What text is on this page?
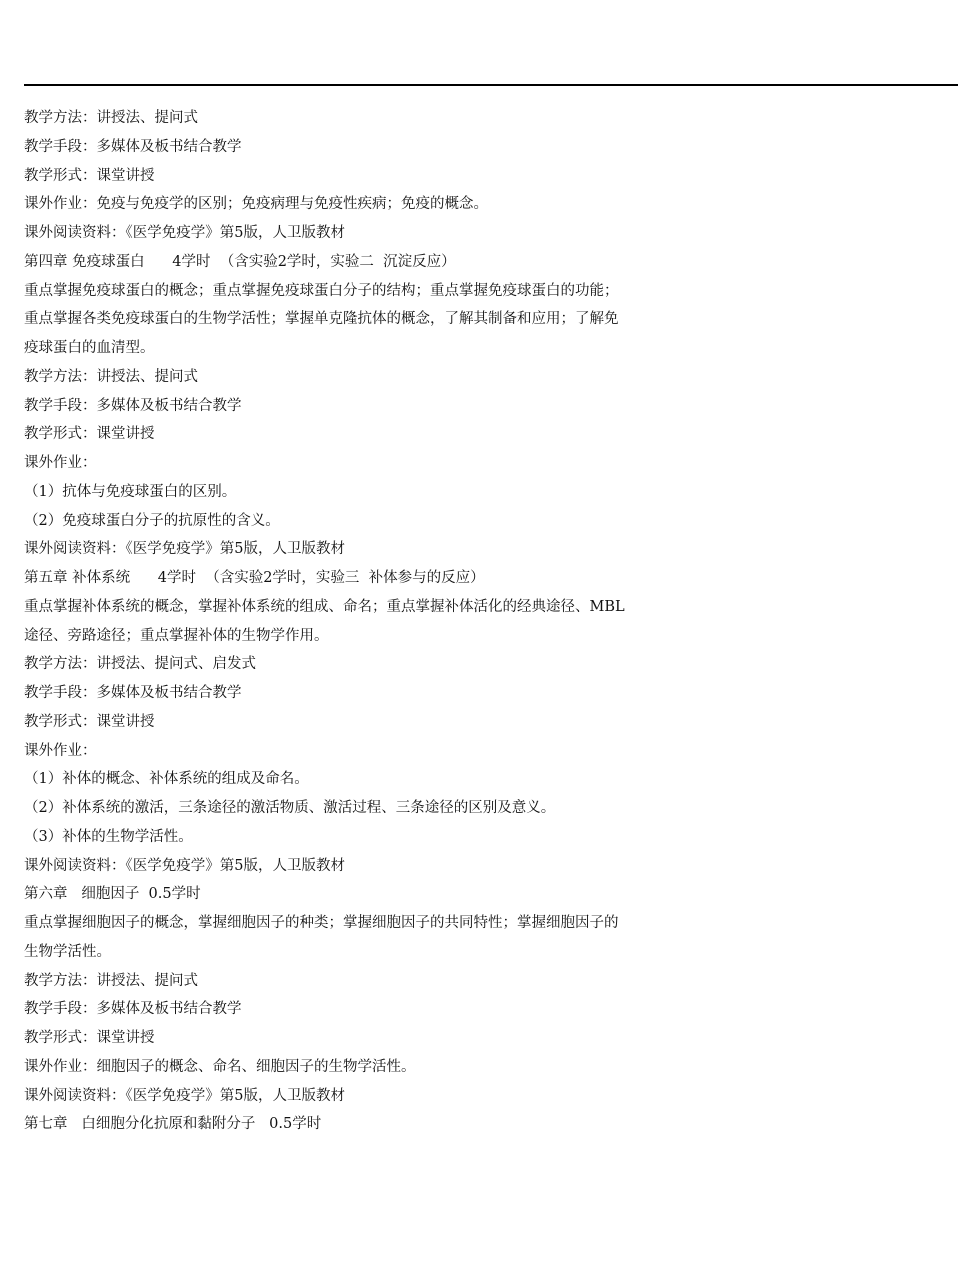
教学方法：讲授法、提问式
教学手段：多媒体及板书结合教学
教学形式：课堂讲授
课外作业：免疫与免疫学的区别；免疫病理与免疫性疾病；免疫的概念。
课外阅读资料：《医学免疫学》第5版，人卫版教材
第四章 免疫球蛋白      4学时  （含实验2学时，实验二  沉淀反应）
重点掌握免疫球蛋白的概念；重点掌握免疫球蛋白分子的结构；重点掌握免疫球蛋白的功能；
重点掌握各类免疫球蛋白的生物学活性；掌握单克隆抗体的概念，了解其制备和应用；了解免
疫球蛋白的血清型。
教学方法：讲授法、提问式
教学手段：多媒体及板书结合教学
教学形式：课堂讲授
课外作业：
（1）抗体与免疫球蛋白的区别。
（2）免疫球蛋白分子的抗原性的含义。
课外阅读资料：《医学免疫学》第5版，人卫版教材
第五章 补体系统      4学时  （含实验2学时，实验三  补体参与的反应）
重点掌握补体系统的概念，掌握补体系统的组成、命名；重点掌握补体活化的经典途径、MBL
途径、旁路途径；重点掌握补体的生物学作用。
教学方法：讲授法、提问式、启发式
教学手段：多媒体及板书结合教学
教学形式：课堂讲授
课外作业：
（1）补体的概念、补体系统的组成及命名。
（2）补体系统的激活，三条途径的激活物质、激活过程、三条途径的区别及意义。
（3）补体的生物学活性。
课外阅读资料：《医学免疫学》第5版，人卫版教材
第六章   细胞因子  0.5学时
重点掌握细胞因子的概念，掌握细胞因子的种类；掌握细胞因子的共同特性；掌握细胞因子的
生物学活性。
教学方法：讲授法、提问式
教学手段：多媒体及板书结合教学
教学形式：课堂讲授
课外作业：细胞因子的概念、命名、细胞因子的生物学活性。
课外阅读资料：《医学免疫学》第5版，人卫版教材
第七章   白细胞分化抗原和黏附分子   0.5学时
